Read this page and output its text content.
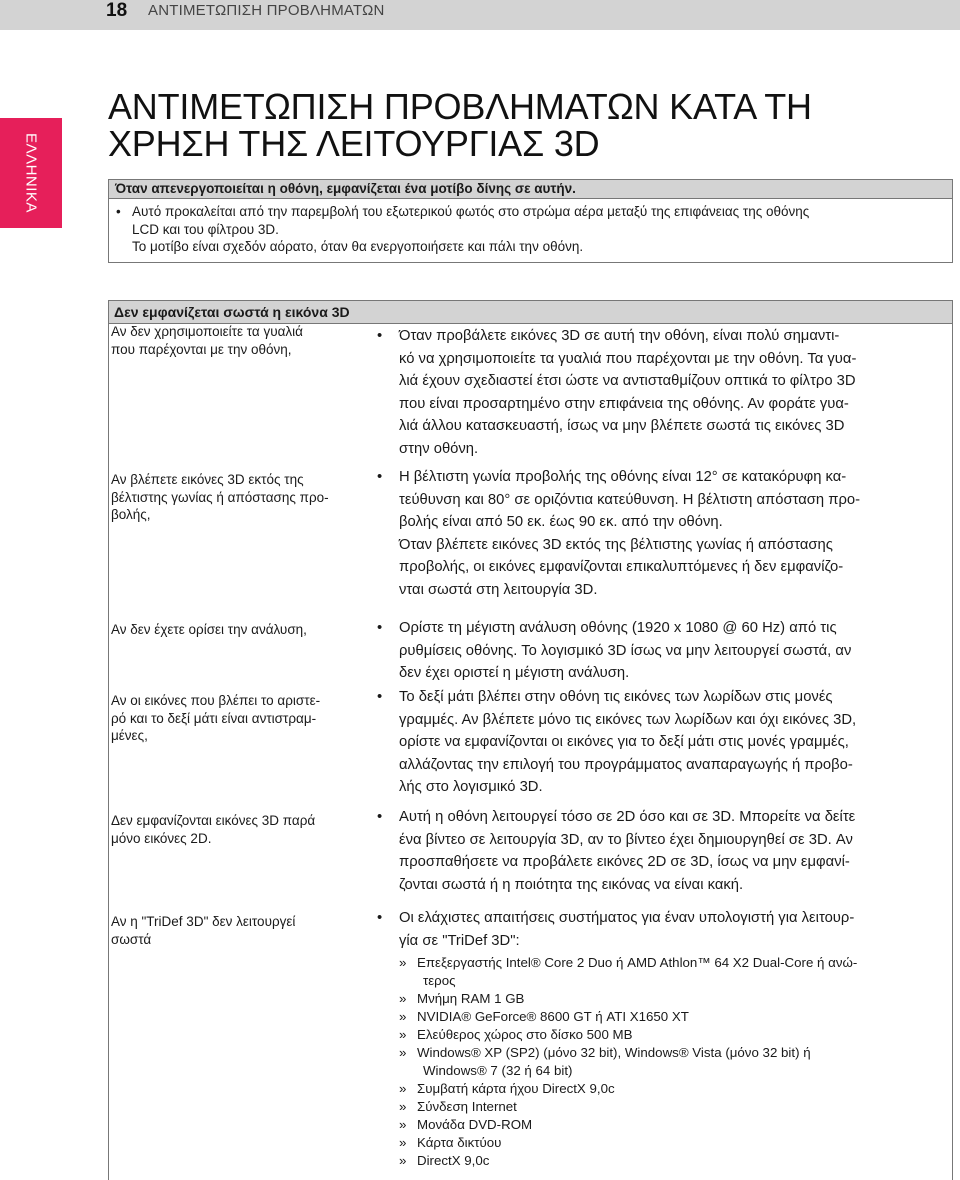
18 ΑΝΤΙΜΕΤΩΠΙΣΗ ΠΡΟΒΛΗΜΑΤΩΝ
ΕΛΛΗΝΙΚΑ
ΑΝΤΙΜΕΤΩΠΙΣΗ ΠΡΟΒΛΗΜΑΤΩΝ ΚΑΤΑ ΤΗ
ΧΡΗΣΗ ΤΗΣ ΛΕΙΤΟΥΡΓΙΑΣ 3D
Όταν απενεργοποιείται η οθόνη, εμφανίζεται ένα μοτίβο δίνης σε αυτήν.
• Αυτό προκαλείται από την παρεμβολή του εξωτερικού φωτός στο στρώμα αέρα μεταξύ της επιφάνειας της οθόνης
LCD και του φίλτρου 3D.
Το μοτίβο είναι σχεδόν αόρατο, όταν θα ενεργοποιήσετε και πάλι την οθόνη.
Δεν εμφανίζεται σωστά η εικόνα 3D
Αν δεν χρησιμοποιείτε τα γυαλιά
που παρέχονται με την οθόνη,
•	Όταν προβάλετε εικόνες 3D σε αυτή την οθόνη, είναι πολύ σημαντι-
κό να χρησιμοποιείτε τα γυαλιά που παρέχονται με την οθόνη. Τα γυα-
λιά έχουν σχεδιαστεί έτσι ώστε να αντισταθμίζουν οπτικά το φίλτρο 3D
που είναι προσαρτημένο στην επιφάνεια της οθόνης. Αν φοράτε γυα-
λιά άλλου κατασκευαστή, ίσως να μην βλέπετε σωστά τις εικόνες 3D
στην οθόνη.
Αν βλέπετε εικόνες 3D εκτός της
βέλτιστης γωνίας ή απόστασης προ-
βολής,
•	Η βέλτιστη γωνία προβολής της οθόνης είναι 12° σε κατακόρυφη κα-
τεύθυνση και 80° σε οριζόντια κατεύθυνση. Η βέλτιστη απόσταση προ-
βολής είναι από 50 εκ. έως 90 εκ. από την οθόνη.
Όταν βλέπετε εικόνες 3D εκτός της βέλτιστης γωνίας ή απόστασης
προβολής, οι εικόνες εμφανίζονται επικαλυπτόμενες ή δεν εμφανίζο-
νται σωστά στη λειτουργία 3D.
Αν δεν έχετε ορίσει την ανάλυση,	•	Ορίστε τη μέγιστη ανάλυση οθόνης (1920 x 1080 @ 60 Hz) από τις
ρυθμίσεις οθόνης. Το λογισμικό 3D ίσως να μην λειτουργεί σωστά, αν
δεν έχει οριστεί η μέγιστη ανάλυση.
Αν οι εικόνες που βλέπει το αριστε-
ρό και το δεξί μάτι είναι αντιστραμ-
μένες,
•	Το δεξί μάτι βλέπει στην οθόνη τις εικόνες των λωρίδων στις μονές
γραμμές. Αν βλέπετε μόνο τις εικόνες των λωρίδων και όχι εικόνες 3D,
ορίστε να εμφανίζονται οι εικόνες για το δεξί μάτι στις μονές γραμμές,
αλλάζοντας την επιλογή του προγράμματος αναπαραγωγής ή προβο-
λής στο λογισμικό 3D.
Δεν εμφανίζονται εικόνες 3D παρά
μόνο εικόνες 2D.
•	Αυτή η οθόνη λειτουργεί τόσο σε 2D όσο και σε 3D. Μπορείτε να δείτε
ένα βίντεο σε λειτουργία 3D, αν το βίντεο έχει δημιουργηθεί σε 3D. Αν
προσπαθήσετε να προβάλετε εικόνες 2D σε 3D, ίσως να μην εμφανί-
ζονται σωστά ή η ποιότητα της εικόνας να είναι κακή.
Αν η "TriDef 3D" δεν λειτουργεί
σωστά
•	Οι ελάχιστες απαιτήσεις συστήματος για έναν υπολογιστή για λειτουρ-
γία σε "TriDef 3D":
» Επεξεργαστής Intel® Core 2 Duo ή AMD Athlon™ 64 X2 Dual-Core ή ανώ-
τερος
» Μνήμη RAM 1 GB
» NVIDIA® GeForce® 8600 GT ή ATI X1650 XT
» Ελεύθερος χώρος στο δίσκο 500 MB
» Windows® XP (SP2) (μόνο 32 bit), Windows® Vista (μόνο 32 bit) ή
Windows® 7 (32 ή 64 bit)
» Συμβατή κάρτα ήχου DirectX 9,0c
» Σύνδεση Internet
» Μονάδα DVD-ROM
» Κάρτα δικτύου
» DirectX 9,0c
